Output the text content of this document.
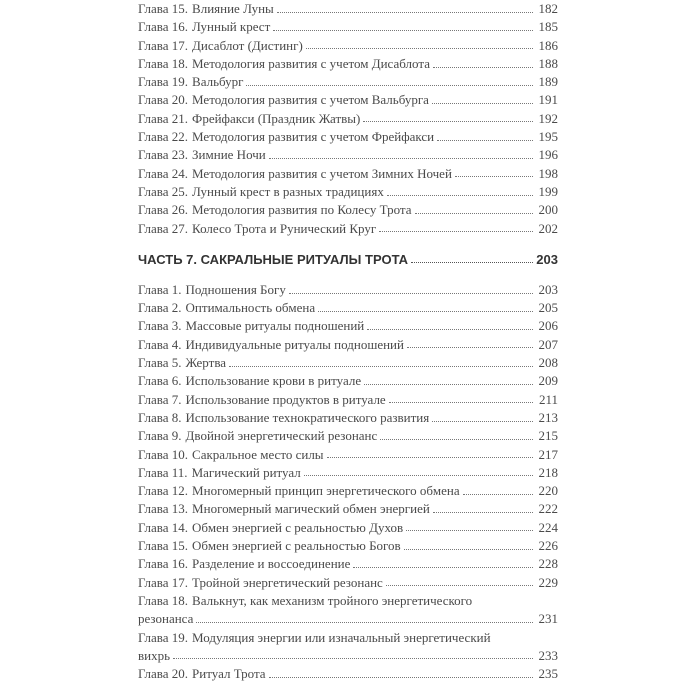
Глава 15. Влияние Луны	182
Глава 16. Лунный крест	185
Глава 17. Дисаблот (Дистинг)	186
Глава 18. Методология развития с учетом Дисаблота	188
Глава 19. Вальбург	189
Глава 20. Методология развития с учетом Вальбурга	191
Глава 21. Фрейфакси (Праздник Жатвы)	192
Глава 22. Методология развития с учетом Фрейфакси	195
Глава 23. Зимние Ночи	196
Глава 24. Методология развития с учетом Зимних Ночей	198
Глава 25. Лунный крест в разных традициях	199
Глава 26. Методология развития по Колесу Трота	200
Глава 27. Колесо Трота и Рунический Круг	202
ЧАСТЬ 7. САКРАЛЬНЫЕ РИТУАЛЫ ТРОТА	203
Глава 1. Подношения Богу	203
Глава 2. Оптимальность обмена	205
Глава 3. Массовые ритуалы подношений	206
Глава 4. Индивидуальные ритуалы подношений	207
Глава 5. Жертва	208
Глава 6. Использование крови в ритуале	209
Глава 7. Использование продуктов в ритуале	211
Глава 8. Использование технократического развития	213
Глава 9. Двойной энергетический резонанс	215
Глава 10. Сакральное место силы	217
Глава 11. Магический ритуал	218
Глава 12. Многомерный принцип энергетического обмена	220
Глава 13. Многомерный магический обмен энергией	222
Глава 14. Обмен энергией с реальностью Духов	224
Глава 15. Обмен энергией с реальностью Богов	226
Глава 16. Разделение и воссоединение	228
Глава 17. Тройной энергетический резонанс	229
Глава 18. Валькнут, как механизм тройного энергетического
резонанса	231
Глава 19. Модуляция энергии или изначальный энергетический
вихрь	233
Глава 20. Ритуал Трота	235
